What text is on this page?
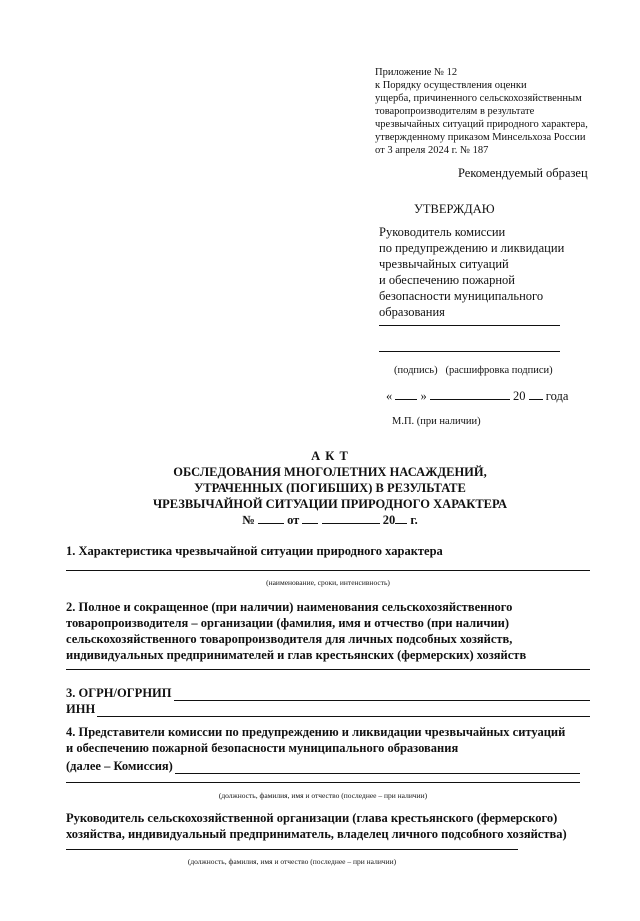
Приложение № 12
к Порядку осуществления оценки
ущерба, причиненного сельскохозяйственным
товаропроизводителям в результате
чрезвычайных ситуаций природного характера,
утвержденному приказом Минсельхоза России
от 3 апреля 2024 г. № 187
Рекомендуемый образец
УТВЕРЖДАЮ
Руководитель комиссии
по предупреждению и ликвидации
чрезвычайных ситуаций
и обеспечению пожарной
безопасности муниципального
образования
(подпись)   (расшифровка подписи)
« »	20 года
М.П. (при наличии)
А К Т
ОБСЛЕДОВАНИЯ МНОГОЛЕТНИХ НАСАЖДЕНИЙ,
УТРАЧЕННЫХ (ПОГИБШИХ) В РЕЗУЛЬТАТЕ
ЧРЕЗВЫЧАЙНОЙ СИТУАЦИИ ПРИРОДНОГО ХАРАКТЕРА
№	от	20 г.
1. Характеристика чрезвычайной ситуации природного характера
(наименование, сроки, интенсивность)
2. Полное и сокращенное (при наличии) наименования сельскохозяйственного
товаропроизводителя – организации (фамилия, имя и отчество (при наличии)
сельскохозяйственного товаропроизводителя для личных подсобных хозяйств,
индивидуальных предпринимателей и глав крестьянских (фермерских) хозяйств
3. ОГРН/ОГРНИП
ИНН
4. Представители комиссии по предупреждению и ликвидации чрезвычайных ситуаций
и обеспечению пожарной безопасности муниципального образования
(далее – Комиссия)
(должность, фамилия, имя и отчество (последнее – при наличии)
Руководитель сельскохозяйственной организации (глава крестьянского (фермерского)
хозяйства, индивидуальный предприниматель, владелец личного подсобного хозяйства)
(должность, фамилия, имя и отчество (последнее – при наличии)
